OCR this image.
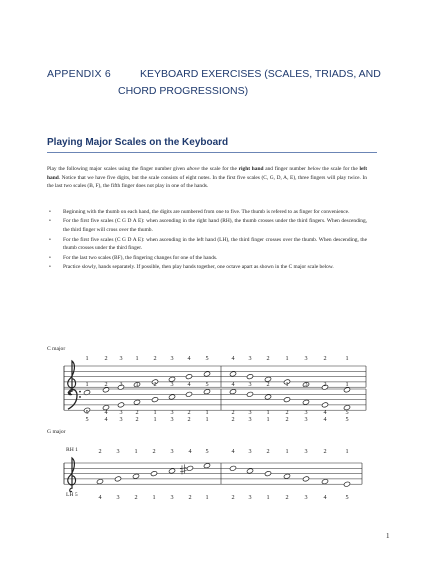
APPENDIX 6	KEYBOARD EXERCISES (SCALES, TRIADS, AND
CHORD PROGRESSIONS)
Playing Major Scales on the Keyboard
Play the following major scales using the finger number given above the scale for the right hand and finger number below the scale for the left hand. Notice that we have five digits, but the scale consists of eight notes. In the first five scales (C, G, D, A, E), three fingers will play twice. In the last two scales (B, F), the fifth finger does not play in one of the hands.
• Beginning with the thumb on each hand, the digits are numbered from one to five. The thumb is refered to as finger for convenience.
• For the first five scales (C G D A E): when ascending in the right hand (RH), the thumb crosses under the third fingers. When descending, the third finger will cross over the thumb.
• For the first five scales (C G D A E): when ascending in the left hand (LH), the third finger crosses over the thumb. When descending, the thumb crosses under the third finger.
• For the last two scales (BF), the fingering changes for one of the hands.
• Practice slowly, hands separately. If possible, then play hands together, one octave apart as shown in the C major scale below.
C major
G major
RH 1
LH 5
1	2 3 1 2 3 4 5	4 3 2	1	3	2	1
1	2 3 1 2 3 4 5	4 3 2	1	3	2	1
5	4 3 2 1 3 2 1	2 3 1	2	3	4	5
5	4 3 2 1 3 2 1	2 3 1	2	3	4	5
2 3 1 2 3 4 5	4 3 2	1	3	2	1
4 3 2 1 3 2 1	2 3 1	2	3	4	5
1
